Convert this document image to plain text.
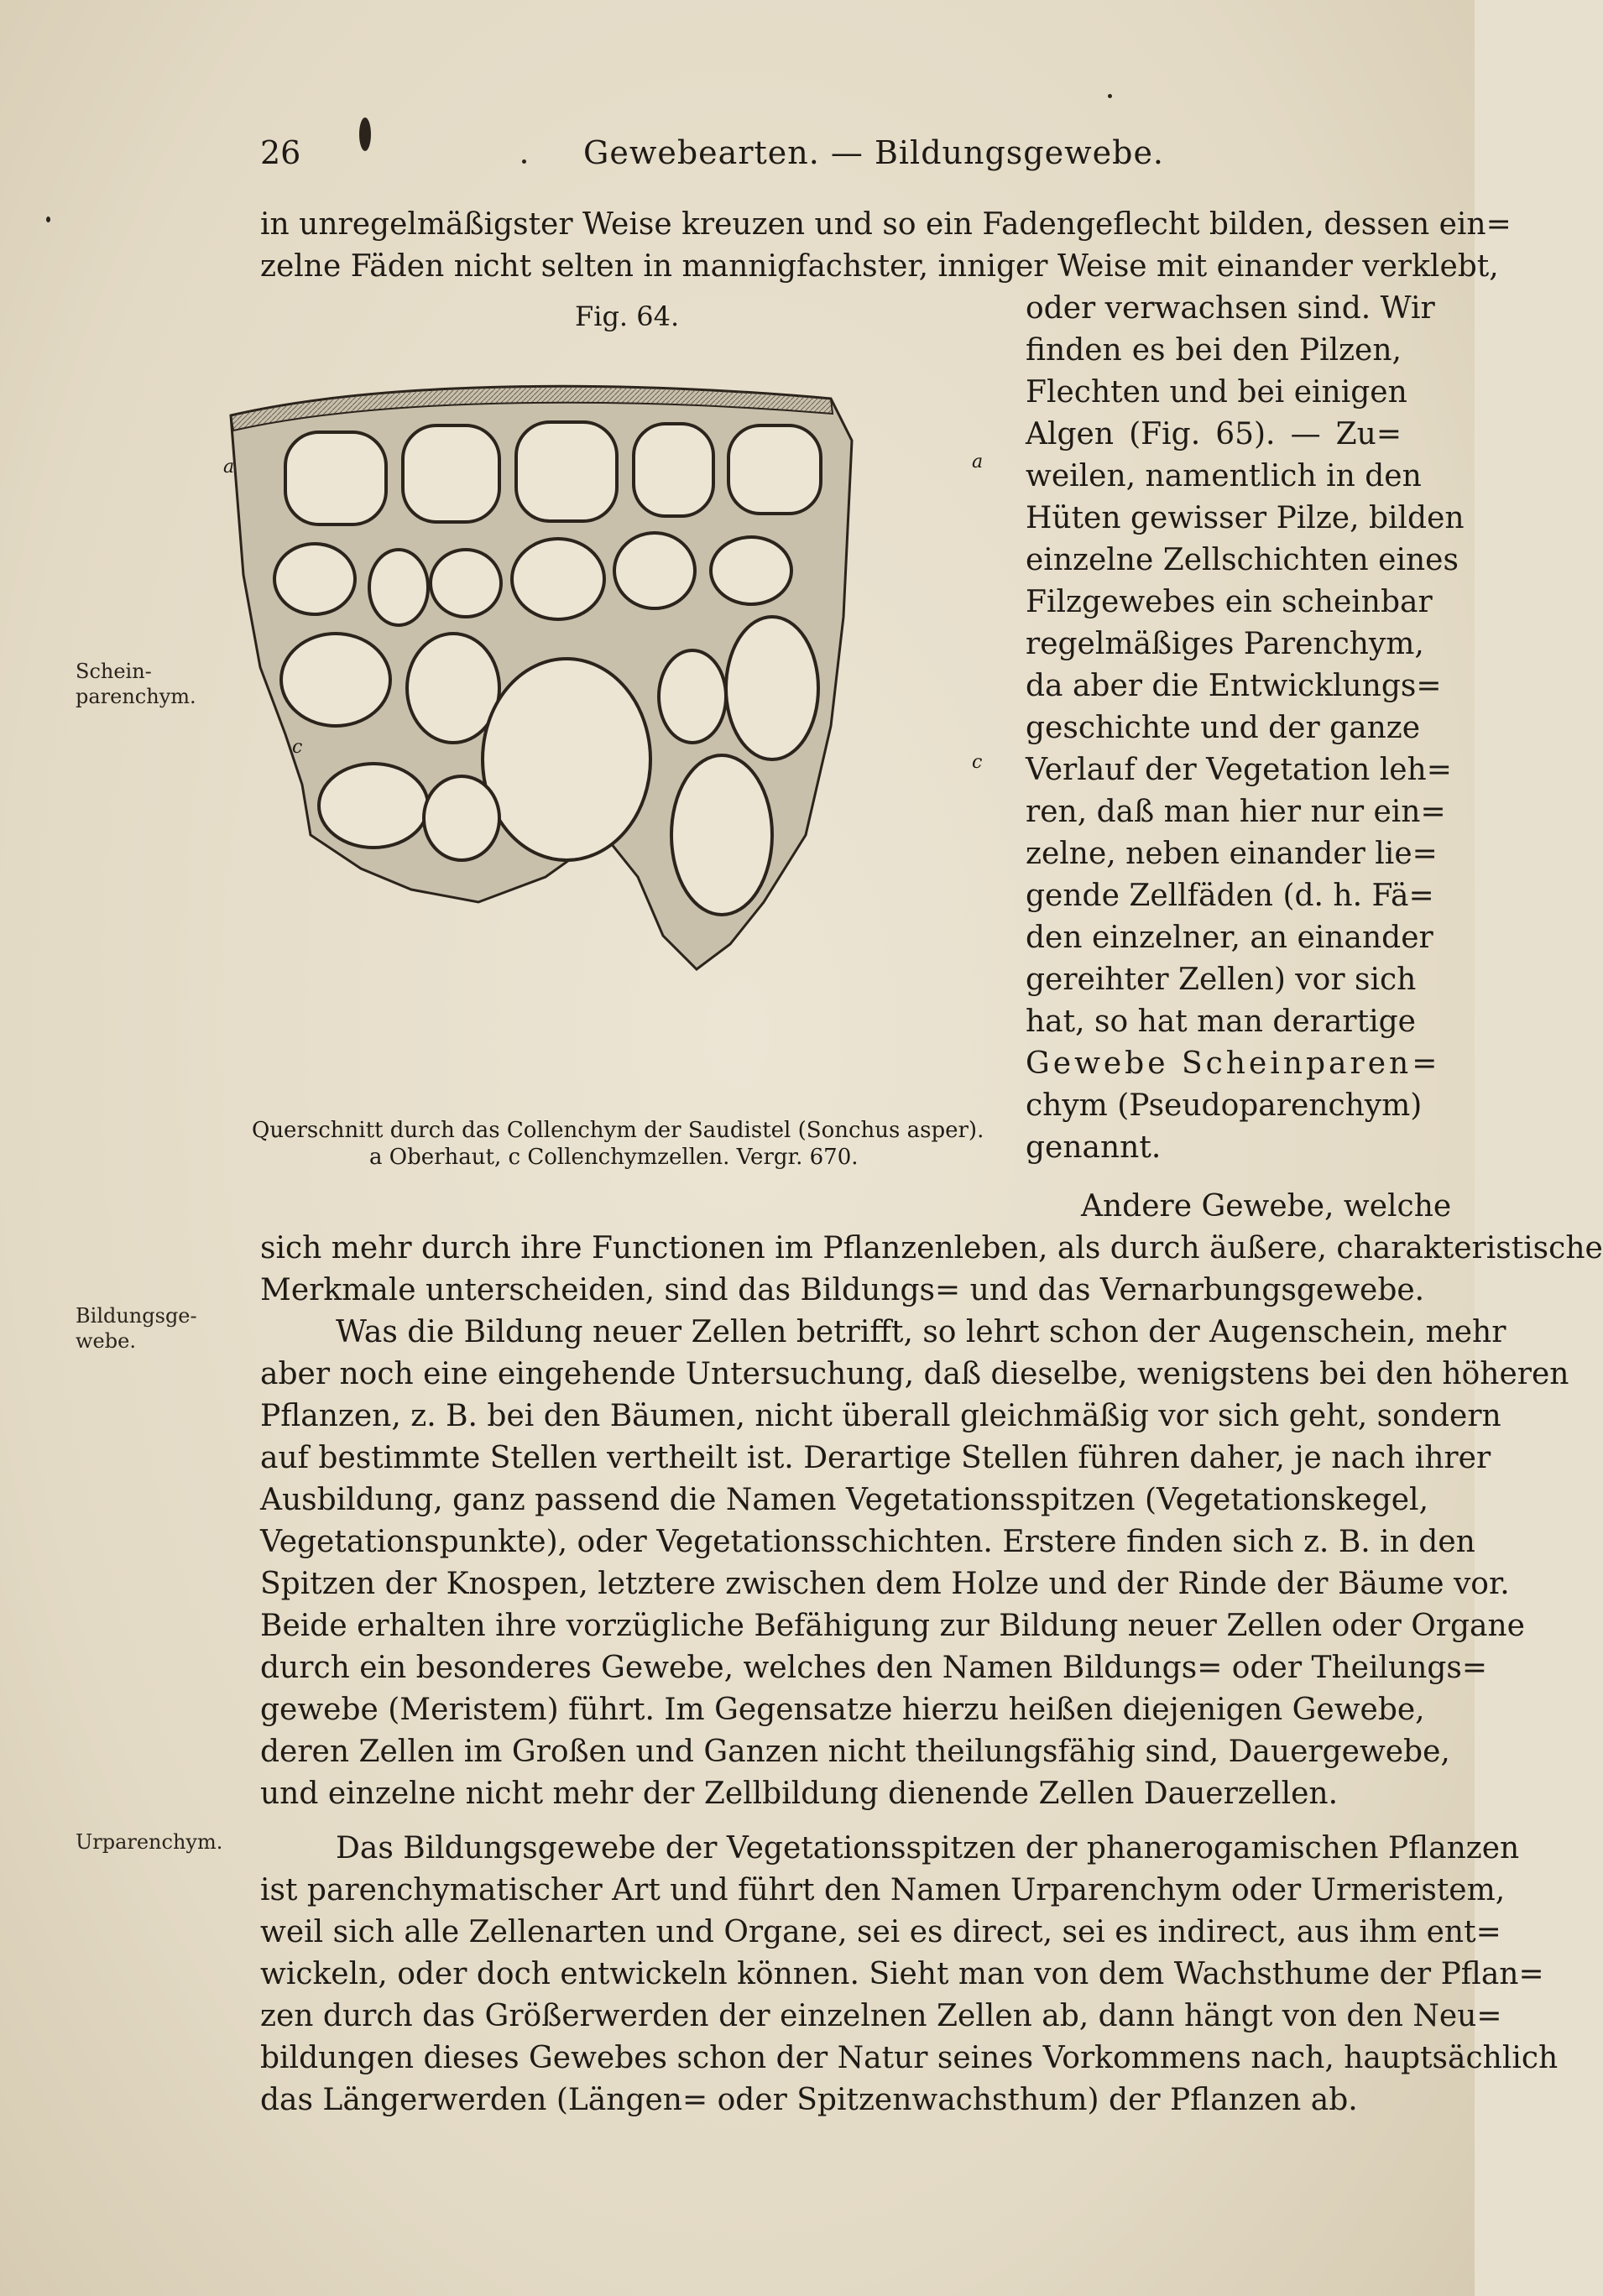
26	Gewebearten. — Bildungsgewebe.
in unregelmäßigster Weise kreuzen und so ein Fadengeflecht bilden, dessen ein=
zelne Fäden nicht selten in mannigfachster, inniger Weise mit einander verklebt,
Fig. 64.
a	a
c
c
Querschnitt durch das Collenchym der Saudistel (Sonchus asper).
a Oberhaut, c Collenchymzellen. Vergr. 670.
oder verwachsen sind. Wir
finden es bei den Pilzen,
Flechten und bei einigen
Algen (Fig. 65). — Zu=
weilen, namentlich in den
Hüten gewisser Pilze, bilden
einzelne Zellschichten eines
Filzgewebes ein scheinbar
regelmäßiges Parenchym,
da aber die Entwicklungs=
geschichte und der ganze
Verlauf der Vegetation leh=
ren, daß man hier nur ein=
zelne, neben einander lie=
gende Zellfäden (d. h. Fä=
den einzelner, an einander
gereihter Zellen) vor sich
hat, so hat man derartige
Gewebe Scheinparen=
chym (Pseudoparenchym)
genannt.
Schein- parenchym.
Bildungsge- webe.
Urparenchym.
Andere Gewebe, welche
sich mehr durch ihre Functionen im Pflanzenleben, als durch äußere, charakteristische
Merkmale unterscheiden, sind das Bildungs= und das Vernarbungsgewebe.
Was die Bildung neuer Zellen betrifft, so lehrt schon der Augenschein, mehr
aber noch eine eingehende Untersuchung, daß dieselbe, wenigstens bei den höheren
Pflanzen, z. B. bei den Bäumen, nicht überall gleichmäßig vor sich geht, sondern
auf bestimmte Stellen vertheilt ist. Derartige Stellen führen daher, je nach ihrer
Ausbildung, ganz passend die Namen Vegetationsspitzen (Vegetationskegel,
Vegetationspunkte), oder Vegetationsschichten. Erstere finden sich z. B. in den
Spitzen der Knospen, letztere zwischen dem Holze und der Rinde der Bäume vor.
Beide erhalten ihre vorzügliche Befähigung zur Bildung neuer Zellen oder Organe
durch ein besonderes Gewebe, welches den Namen Bildungs= oder Theilungs=
gewebe (Meristem) führt. Im Gegensatze hierzu heißen diejenigen Gewebe,
deren Zellen im Großen und Ganzen nicht theilungsfähig sind, Dauergewebe,
und einzelne nicht mehr der Zellbildung dienende Zellen Dauerzellen.
Das Bildungsgewebe der Vegetationsspitzen der phanerogamischen Pflanzen
ist parenchymatischer Art und führt den Namen Urparenchym oder Urmeristem,
weil sich alle Zellenarten und Organe, sei es direct, sei es indirect, aus ihm ent=
wickeln, oder doch entwickeln können. Sieht man von dem Wachsthume der Pflan=
zen durch das Größerwerden der einzelnen Zellen ab, dann hängt von den Neu=
bildungen dieses Gewebes schon der Natur seines Vorkommens nach, hauptsächlich
das Längerwerden (Längen= oder Spitzenwachsthum) der Pflanzen ab.
